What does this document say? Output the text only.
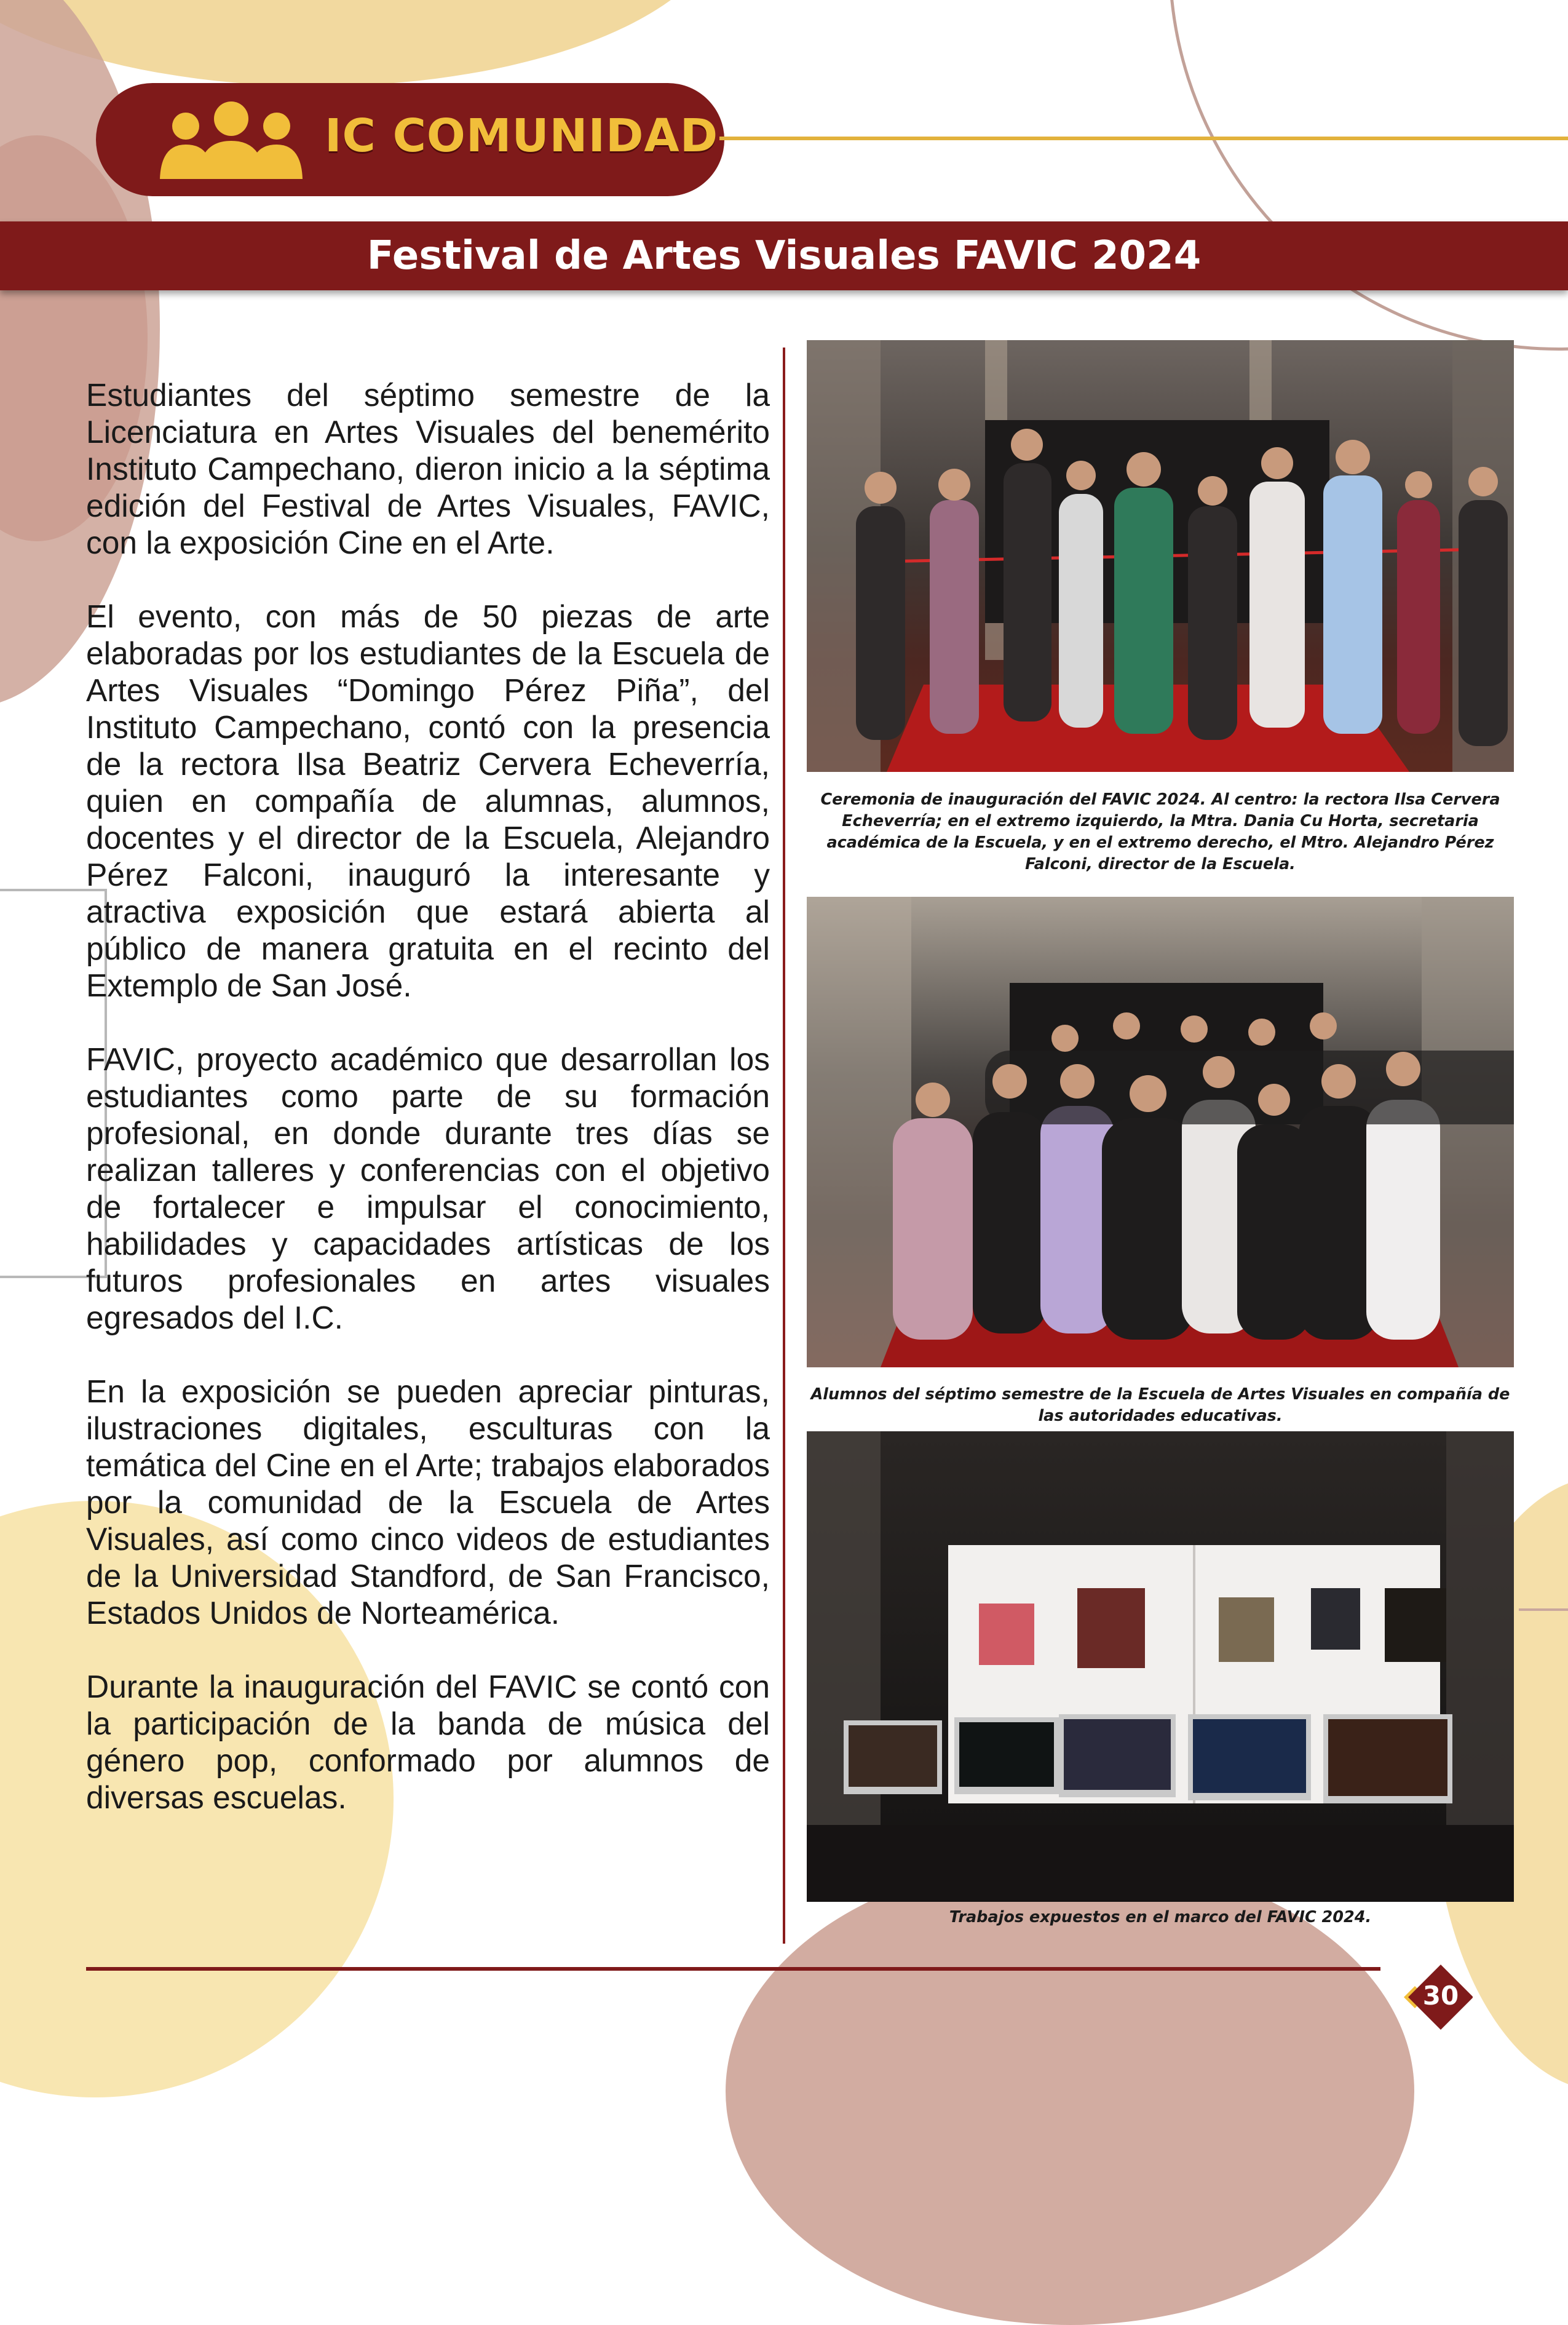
IC COMUNIDAD
Festival de Artes Visuales FAVIC 2024

Estudiantes del séptimo semestre de la Licenciatura en Artes Visuales del benemérito Instituto Campechano, dieron inicio a la séptima edición del Festival de Artes Visuales, FAVIC, con la exposición Cine en el Arte.

El evento, con más de 50 piezas de arte elaboradas por los estudiantes de la Escuela de Artes Visuales “Domingo Pérez Piña”, del Instituto Campechano, contó con la presencia de la rectora Ilsa Beatriz Cervera Echeverría, quien en compañía de alumnas, alumnos, docentes y el director de la Escuela, Alejandro Pérez Falconi, inauguró la interesante y atractiva exposición que estará abierta al público de manera gratuita en el recinto del Extemplo de San José.

FAVIC, proyecto académico que desarrollan los estudiantes como parte de su formación profesional, en donde durante tres días se realizan talleres y conferencias con el objetivo de fortalecer e impulsar el conocimiento, habilidades y capacidades artísticas de los futuros profesionales en artes visuales egresados del I.C.

En la exposición se pueden apreciar pinturas, ilustraciones digitales, esculturas con la temática del Cine en el Arte; trabajos elaborados por la comunidad de la Escuela de Artes Visuales, así como cinco videos de estudiantes de la Universidad Standford, de San Francisco, Estados Unidos de Norteamérica.

Durante la inauguración del FAVIC se contó con la participación de la banda de música del género pop, conformado por alumnos de diversas escuelas.

Ceremonia de inauguración del FAVIC 2024. Al centro: la rectora Ilsa Cervera Echeverría; en el extremo izquierdo, la Mtra. Dania Cu Horta, secretaria académica de la Escuela, y en el extremo derecho, el Mtro. Alejandro Pérez Falconi, director de la Escuela.
Alumnos del séptimo semestre de la Escuela de Artes Visuales en compañía de las autoridades educativas.
Trabajos expuestos en el marco del FAVIC 2024.
30
